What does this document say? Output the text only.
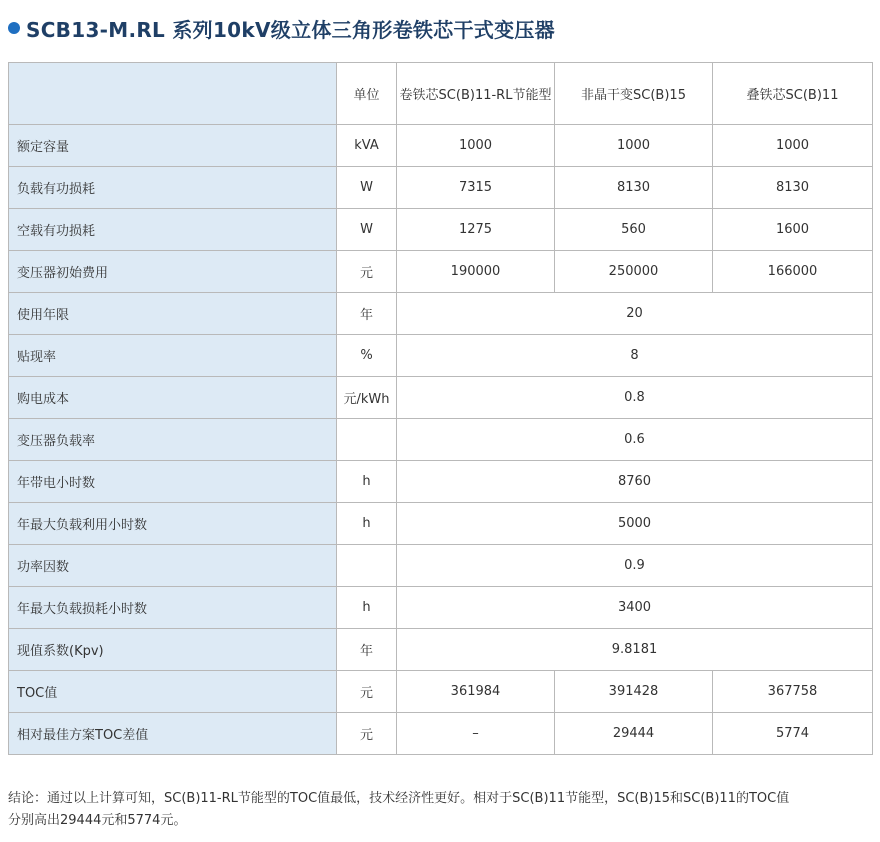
SCB13-M.RL 系列10kV级立体三角形卷铁芯干式变压器
	单位	卷铁芯SC(B)11-RL节能型	非晶干变SC(B)15	叠铁芯SC(B)11
额定容量	kVA	1000	1000	1000
负载有功损耗	W	7315	8130	8130
空载有功损耗	W	1275	560	1600
变压器初始费用	元	190000	250000	166000
使用年限	年	20		
贴现率	%	8		
购电成本	元/kWh	0.8		
变压器负载率		0.6		
年带电小时数	h	8760		
年最大负载利用小时数	h	5000		
功率因数		0.9		
年最大负载损耗小时数	h	3400		
现值系数(Kpv)	年	9.8181		
TOC值	元	361984	391428	367758
相对最佳方案TOC差值	元	–	29444	5774
结论：通过以上计算可知，SC(B)11-RL节能型的TOC值最低，技术经济性更好。相对于SC(B)11节能型，SC(B)15和SC(B)11的TOC值
分别高出29444元和5774元。
